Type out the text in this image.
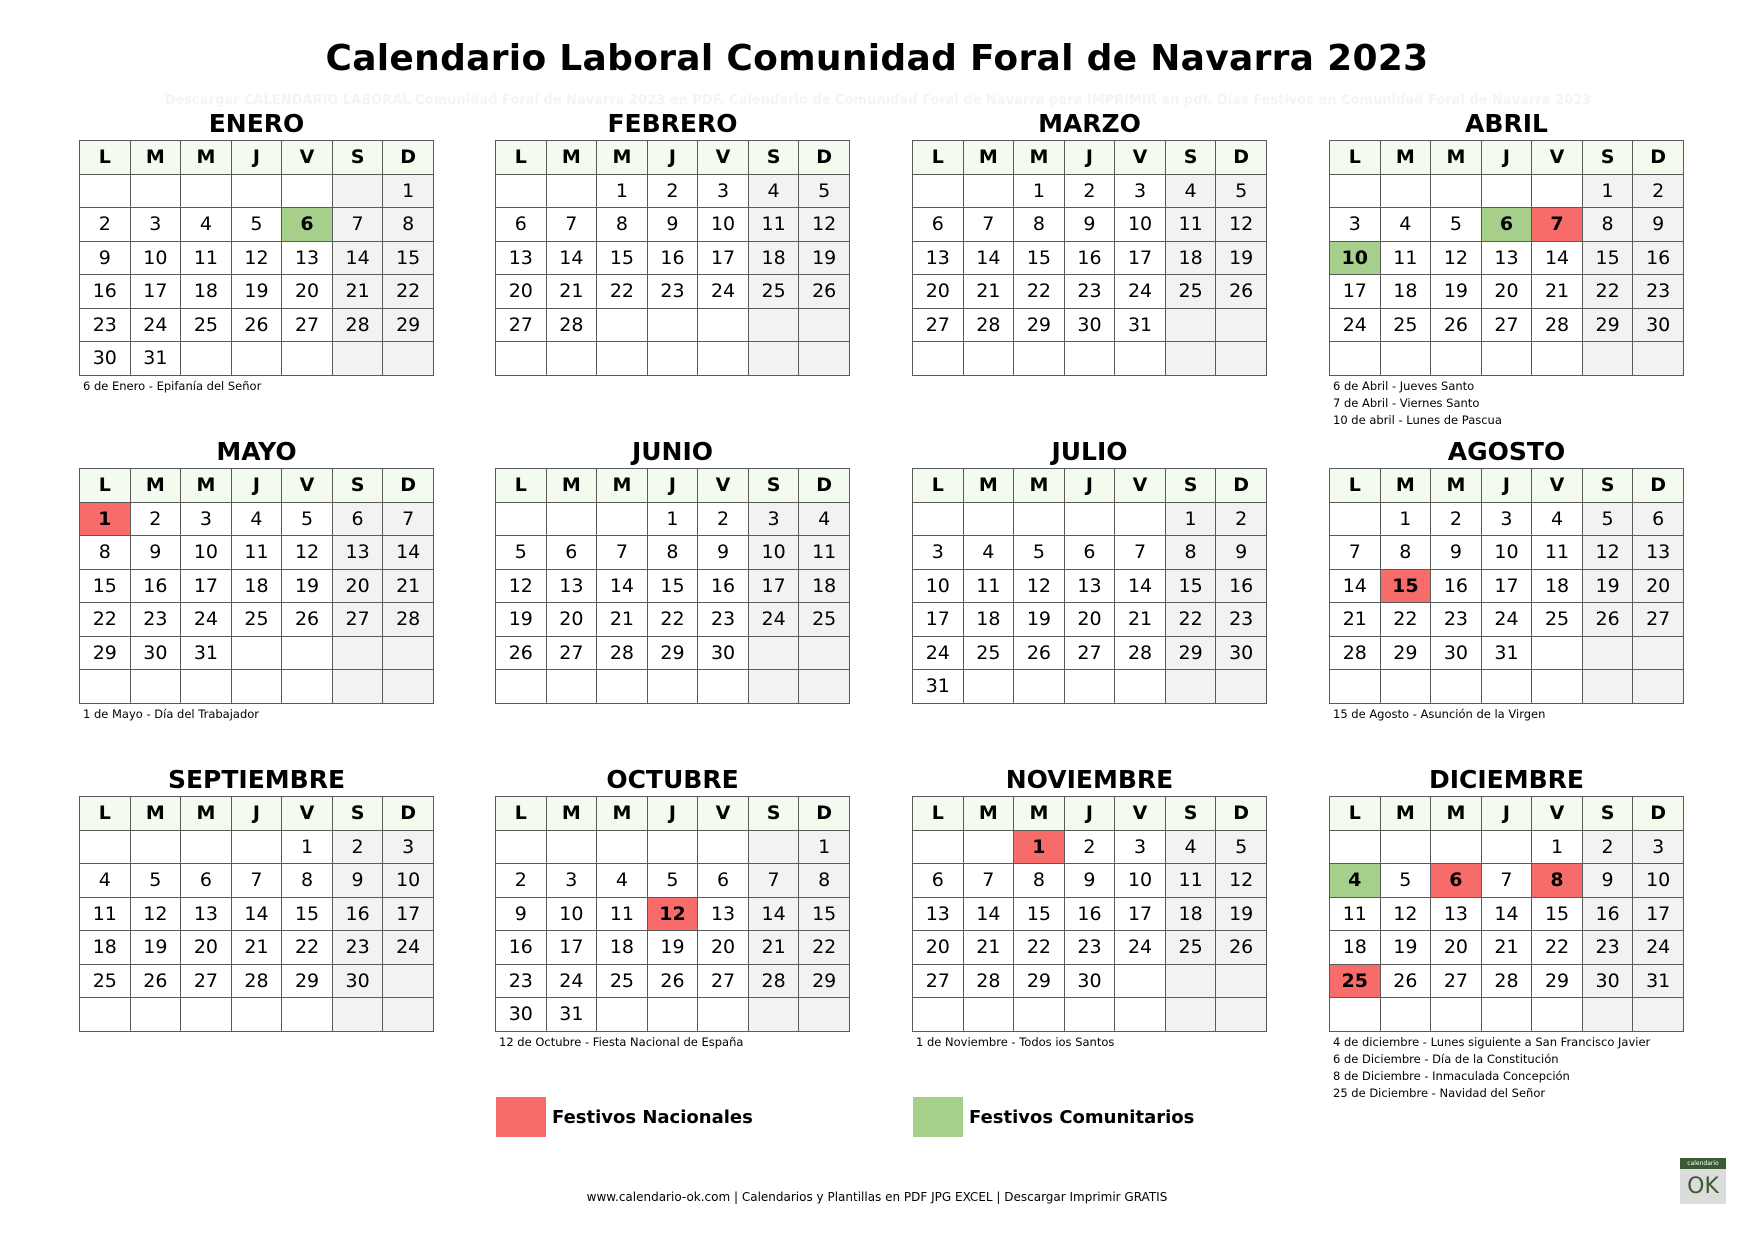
Calendario Laboral Comunidad Foral de Navarra 2023
Descargar CALENDARIO LABORAL Comunidad Foral de Navarra 2023 en PDF. Calendario de Comunidad Foral de Navarra para IMPRIMIR en pdf. Días Festivos en Comunidad Foral de Navarra 2023
ENERO
L	M	M	J	V	S	D
						1
2	3	4	5	6	7	8
9	10	11	12	13	14	15
16	17	18	19	20	21	22
23	24	25	26	27	28	29
30	31					
6 de Enero - Epifanía del Señor
FEBRERO
L	M	M	J	V	S	D
		1	2	3	4	5
6	7	8	9	10	11	12
13	14	15	16	17	18	19
20	21	22	23	24	25	26
27	28					

MARZO
L	M	M	J	V	S	D
		1	2	3	4	5
6	7	8	9	10	11	12
13	14	15	16	17	18	19
20	21	22	23	24	25	26
27	28	29	30	31		

ABRIL
L	M	M	J	V	S	D
					1	2
3	4	5	6	7	8	9
10	11	12	13	14	15	16
17	18	19	20	21	22	23
24	25	26	27	28	29	30

6 de Abril - Jueves Santo
7 de Abril - Viernes Santo
10 de abril - Lunes de Pascua
MAYO
L	M	M	J	V	S	D
1	2	3	4	5	6	7
8	9	10	11	12	13	14
15	16	17	18	19	20	21
22	23	24	25	26	27	28
29	30	31				

1 de Mayo - Día del Trabajador
JUNIO
L	M	M	J	V	S	D
			1	2	3	4
5	6	7	8	9	10	11
12	13	14	15	16	17	18
19	20	21	22	23	24	25
26	27	28	29	30		

JULIO
L	M	M	J	V	S	D
					1	2
3	4	5	6	7	8	9
10	11	12	13	14	15	16
17	18	19	20	21	22	23
24	25	26	27	28	29	30
31						
AGOSTO
L	M	M	J	V	S	D
	1	2	3	4	5	6
7	8	9	10	11	12	13
14	15	16	17	18	19	20
21	22	23	24	25	26	27
28	29	30	31			

15 de Agosto - Asunción de la Virgen
SEPTIEMBRE
L	M	M	J	V	S	D
				1	2	3
4	5	6	7	8	9	10
11	12	13	14	15	16	17
18	19	20	21	22	23	24
25	26	27	28	29	30	

OCTUBRE
L	M	M	J	V	S	D
						1
2	3	4	5	6	7	8
9	10	11	12	13	14	15
16	17	18	19	20	21	22
23	24	25	26	27	28	29
30	31					
12 de Octubre - Fiesta Nacional de España
NOVIEMBRE
L	M	M	J	V	S	D
		1	2	3	4	5
6	7	8	9	10	11	12
13	14	15	16	17	18	19
20	21	22	23	24	25	26
27	28	29	30			

1 de Noviembre - Todos ios Santos
DICIEMBRE
L	M	M	J	V	S	D
				1	2	3
4	5	6	7	8	9	10
11	12	13	14	15	16	17
18	19	20	21	22	23	24
25	26	27	28	29	30	31

4 de diciembre - Lunes siguiente a San Francisco Javier
6 de Diciembre - Día de la Constitución
8 de Diciembre - Inmaculada Concepción
25 de Diciembre - Navidad del Señor
Festivos Nacionales	Festivos Comunitarios
www.calendario-ok.com | Calendarios y Plantillas en PDF JPG EXCEL | Descargar Imprimir GRATIS
calendario
OK
